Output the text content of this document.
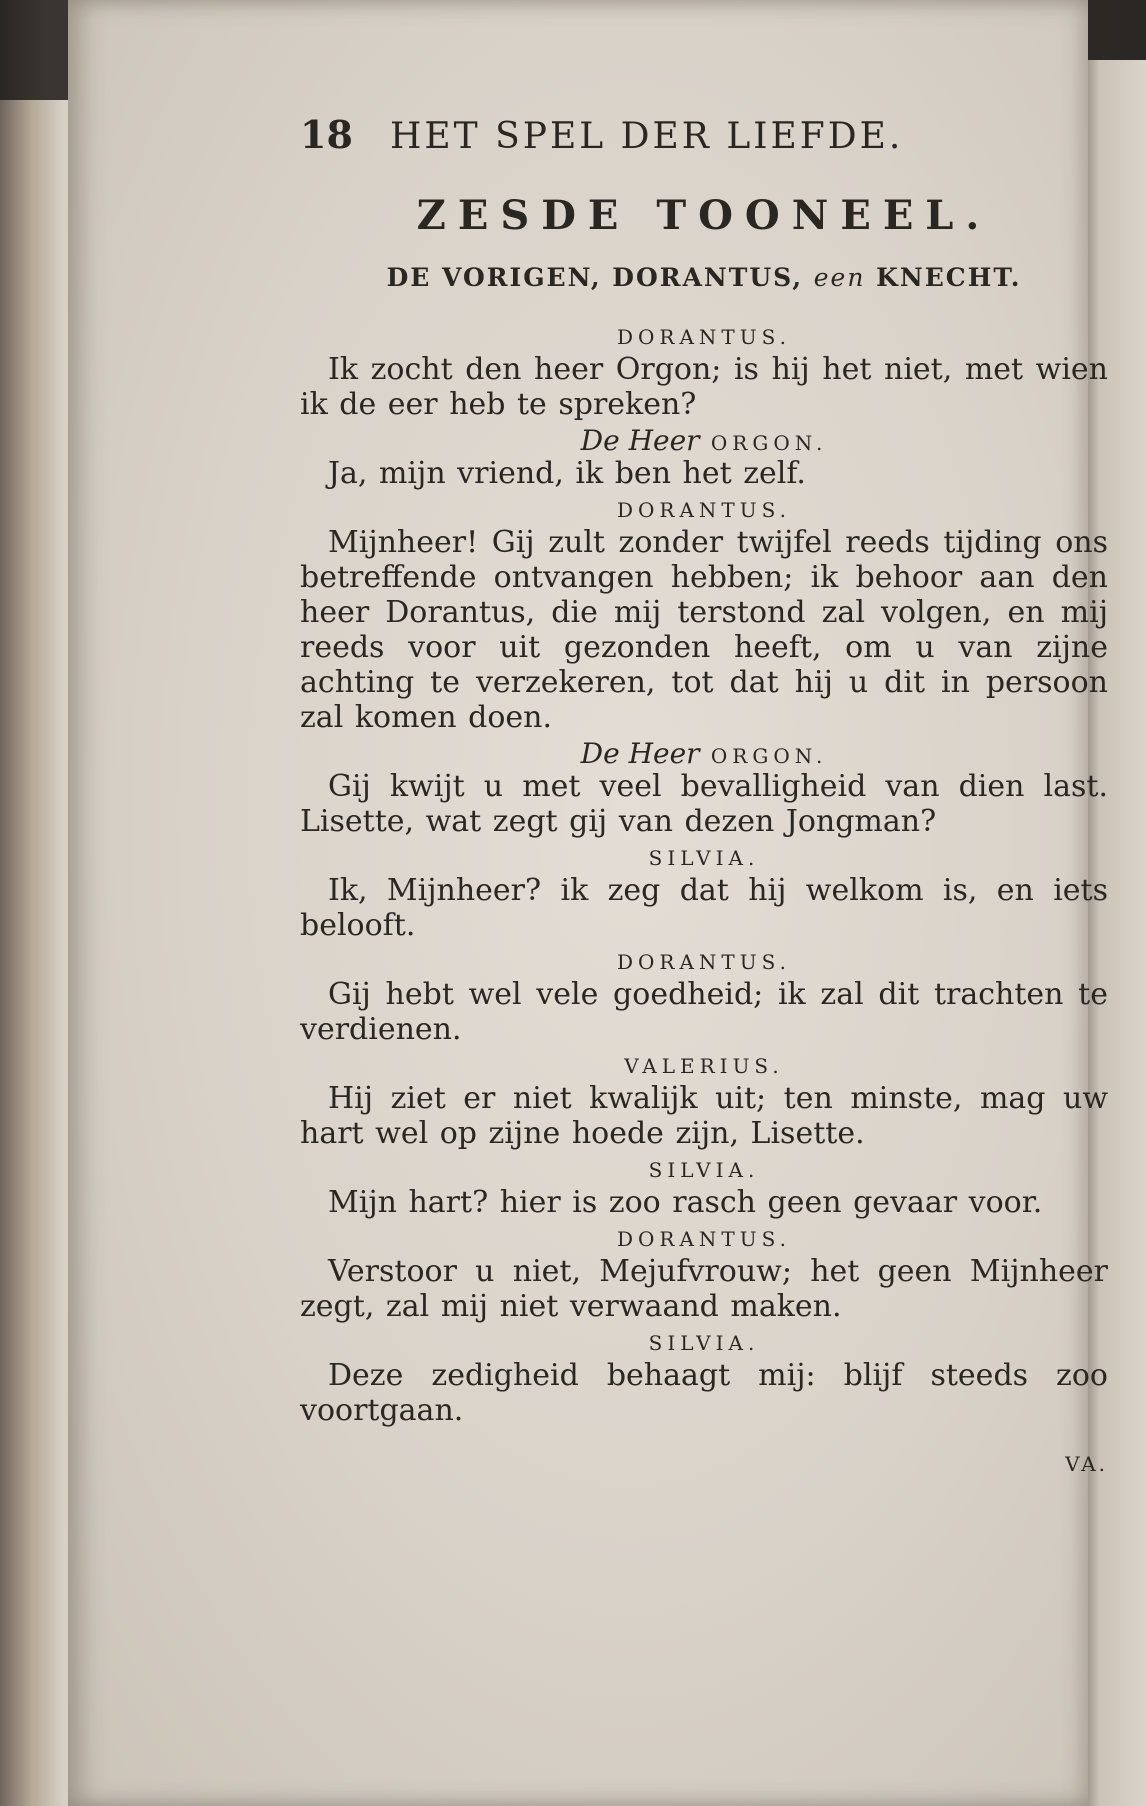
18	HET SPEL DER LIEFDE.
ZESDE TOONEEL.
DE VORIGEN, DORANTUS, een KNECHT.
DORANTUS.

Ik zocht den heer Orgon; is hij het niet, met wien ik de eer heb te spreken?

De Heer ORGON.

Ja, mijn vriend, ik ben het zelf.

DORANTUS.

Mijnheer! Gij zult zonder twijfel reeds tijding ons betreffende ontvangen hebben; ik behoor aan den heer Dorantus, die mij terstond zal volgen, en mij reeds voor uit gezonden heeft, om u van zijne achting te verzekeren, tot dat hij u dit in persoon zal komen doen.

De Heer ORGON.

Gij kwijt u met veel bevalligheid van dien last. Lisette, wat zegt gij van dezen Jongman?

SILVIA.

Ik, Mijnheer? ik zeg dat hij welkom is, en iets belooft.

DORANTUS.

Gij hebt wel vele goedheid; ik zal dit trachten te verdienen.

VALERIUS.

Hij ziet er niet kwalijk uit; ten minste, mag uw hart wel op zijne hoede zijn, Lisette.

SILVIA.

Mijn hart? hier is zoo rasch geen gevaar voor.

DORANTUS.

Verstoor u niet, Mejufvrouw; het geen Mijnheer zegt, zal mij niet verwaand maken.

SILVIA.

Deze zedigheid behaagt mij: blijf steeds zoo voortgaan.

VA.
